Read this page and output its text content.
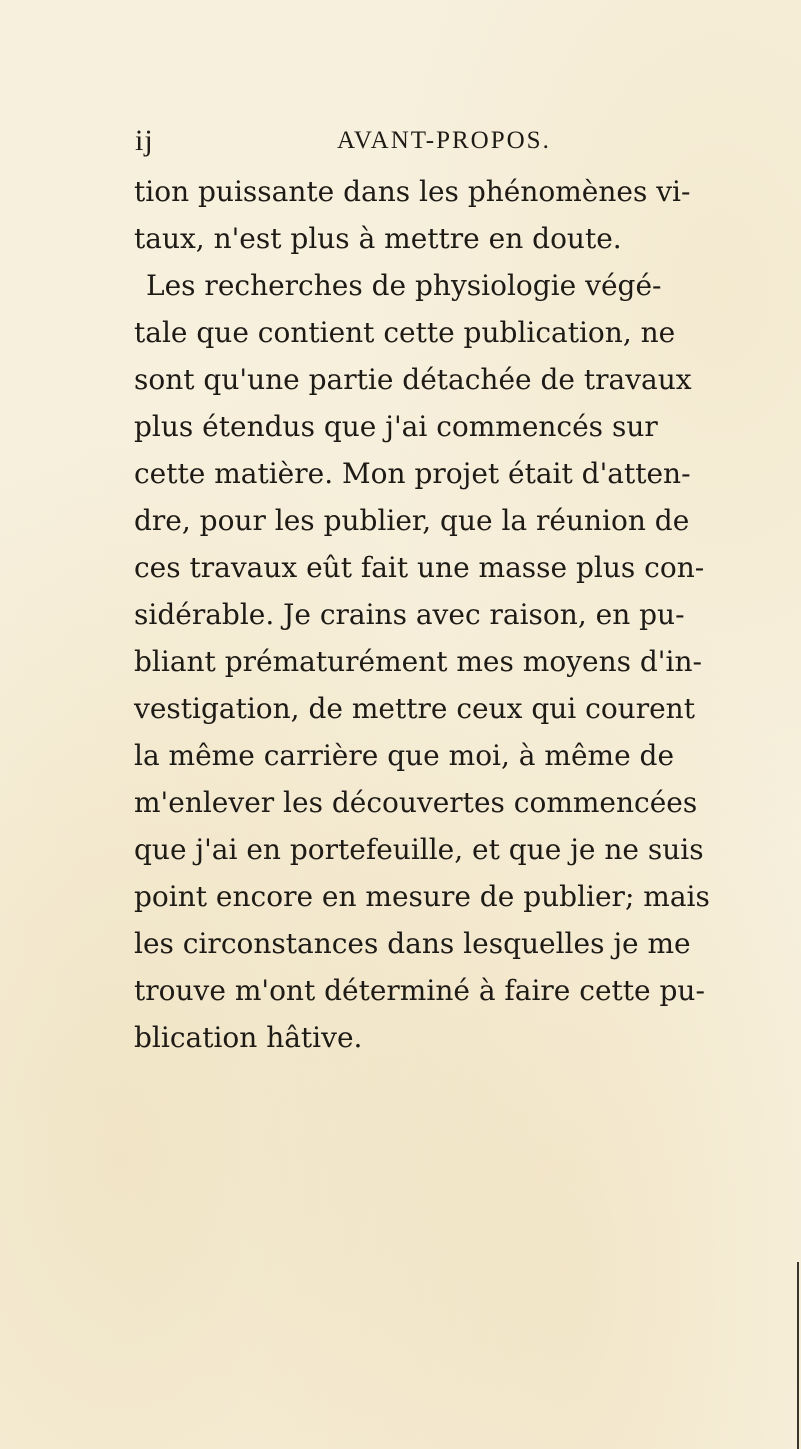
ij	AVANT-PROPOS.
tion puissante dans les phénomènes vi-
taux, n'est plus à mettre en doute.
Les recherches de physiologie végé-
tale que contient cette publication, ne
sont qu'une partie détachée de travaux
plus étendus que j'ai commencés sur
cette matière. Mon projet était d'atten-
dre, pour les publier, que la réunion de
ces travaux eût fait une masse plus con-
sidérable. Je crains avec raison, en pu-
bliant prématurément mes moyens d'in-
vestigation, de mettre ceux qui courent
la même carrière que moi, à même de
m'enlever les découvertes commencées
que j'ai en portefeuille, et que je ne suis
point encore en mesure de publier; mais
les circonstances dans lesquelles je me
trouve m'ont déterminé à faire cette pu-
blication hâtive.
